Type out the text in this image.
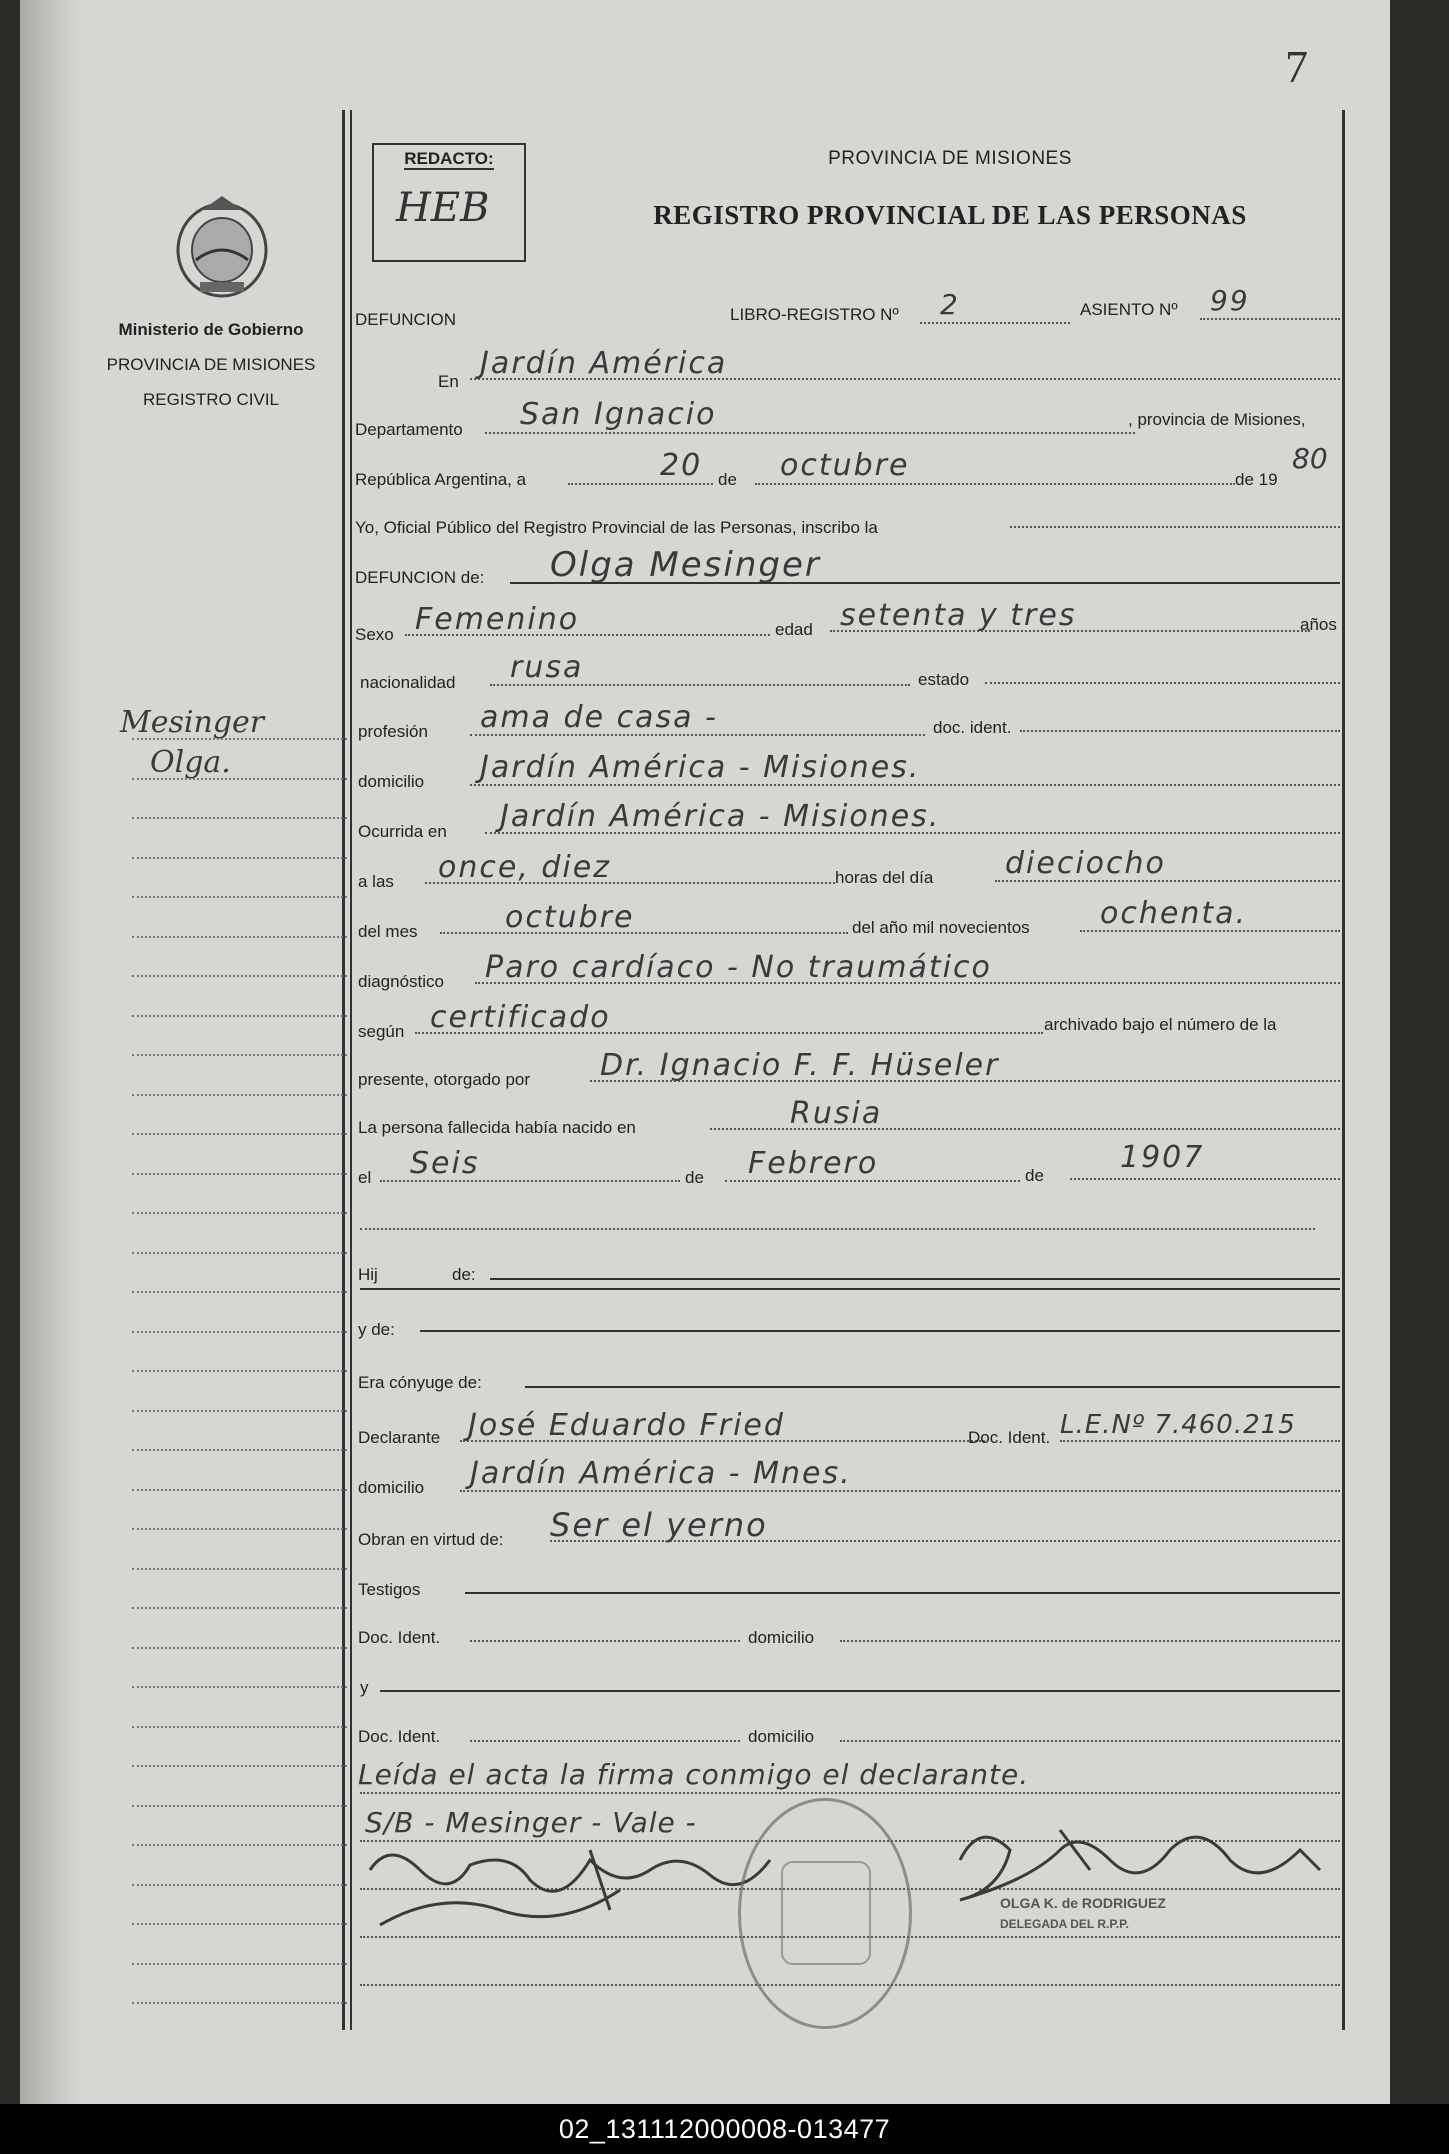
7
Ministerio de Gobierno
PROVINCIA DE MISIONES
REGISTRO CIVIL
Mesinger
Olga.
REDACTO:
HEB
PROVINCIA DE MISIONES
REGISTRO PROVINCIAL DE LAS PERSONAS
DEFUNCION	LIBRO-REGISTRO Nº 2	ASIENTO Nº 99
En
Jardín América
Departamento San Ignacio	, provincia de Misiones,
República Argentina, a	20 de octubre	de 19
80
Yo, Oficial Público del Registro Provincial de las Personas, inscribo la
DEFUNCION de: Olga Mesinger
Sexo Femenino	edad setenta y tres	años
nacionalidad rusa	estado
profesión ama de casa -	doc. ident.
domicilio Jardín América - Misiones.
Ocurrida en Jardín América - Misiones.
a las once, diez	horas del día dieciocho
del mes	octubre	del año mil novecientos ochenta.
diagnóstico Paro cardíaco - No traumático
según certificado	archivado bajo el número de la
presente, otorgado por Dr. Ignacio F. F. Hüseler
La persona fallecida había nacido en	Rusia
el Seis	de Febrero	de
1907
Hij	de:
y de:
Era cónyuge de:
Declarante José Eduardo Fried	Doc. Ident. L.E.Nº 7.460.215
domicilio Jardín América - Mnes.
Obran en virtud de: Ser el yerno
Testigos
Doc. Ident.	domicilio
y
Doc. Ident.	domicilio
Leída el acta la firma conmigo el declarante.
S/B - Mesinger - Vale -
OLGA K. de RODRIGUEZ
DELEGADA DEL R.P.P.
02_131112000008-013477
